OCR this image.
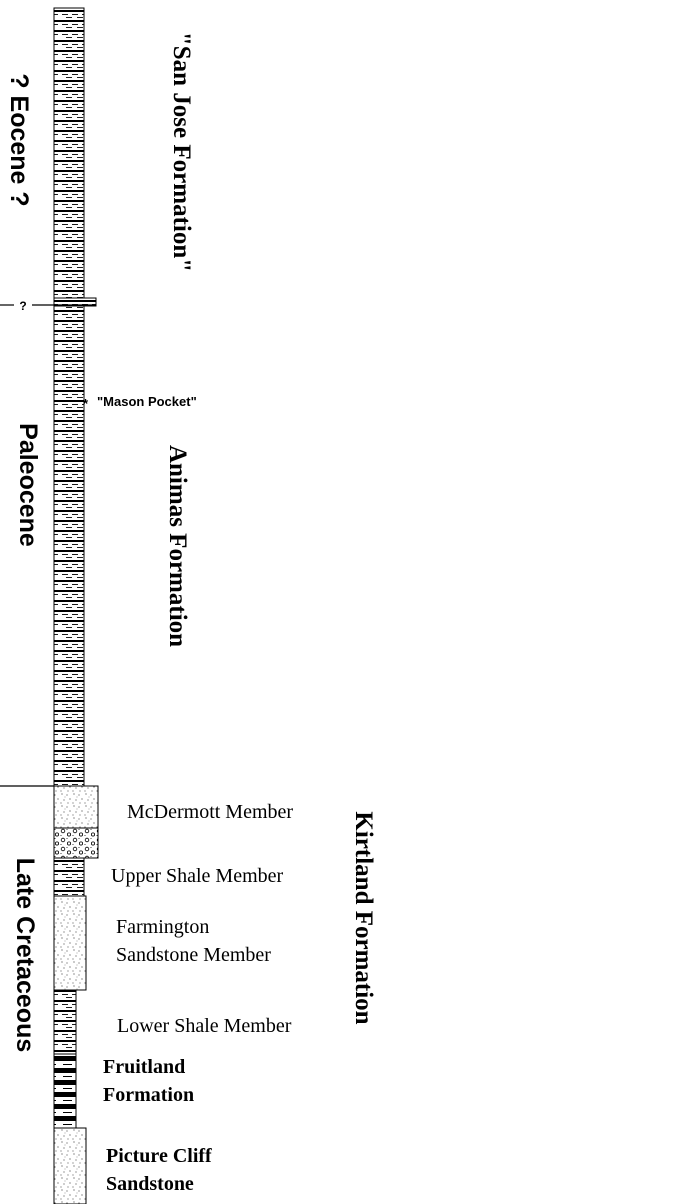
?
? Eocene ?
Paleocene
Late Cretaceous
"San Jose Formation"
Animas Formation
Kirtland Formation
* "Mason Pocket"
McDermott Member
Upper Shale Member
Farmington
Sandstone Member
Lower Shale Member
Fruitland
Formation
Picture Cliff
Sandstone
